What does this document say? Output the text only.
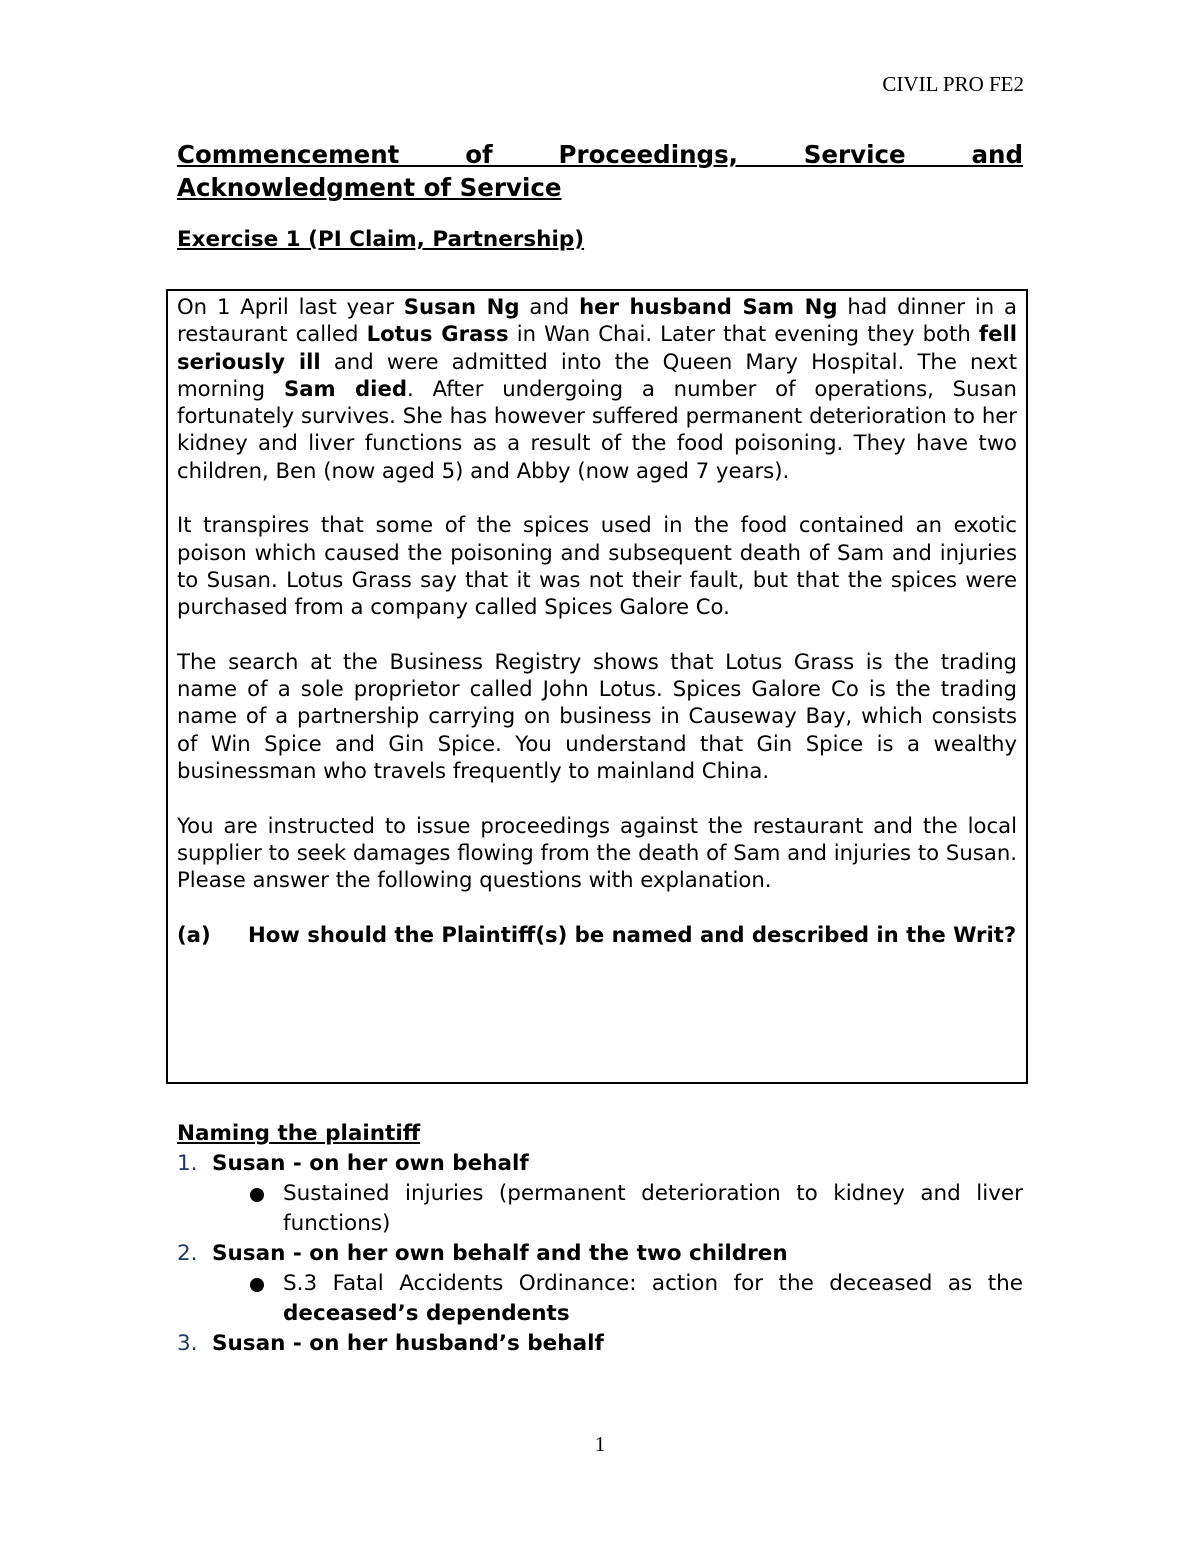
CIVIL PRO FE2
Commencement of Proceedings, Service and
Acknowledgment of Service
Exercise 1 (PI Claim, Partnership)

On 1 April last year Susan Ng and her husband Sam Ng had dinner in a restaurant called Lotus Grass in Wan Chai. Later that evening they both fell seriously ill and were admitted into the Queen Mary Hospital. The next morning Sam died. After undergoing a number of operations, Susan fortunately survives. She has however suffered permanent deterioration to her kidney and liver functions as a result of the food poisoning. They have two children, Ben (now aged 5) and Abby (now aged 7 years).

It transpires that some of the spices used in the food contained an exotic poison which caused the poisoning and subsequent death of Sam and injuries to Susan. Lotus Grass say that it was not their fault, but that the spices were purchased from a company called Spices Galore Co.

The search at the Business Registry shows that Lotus Grass is the trading name of a sole proprietor called John Lotus. Spices Galore Co is the trading name of a partnership carrying on business in Causeway Bay, which consists of Win Spice and Gin Spice. You understand that Gin Spice is a wealthy businessman who travels frequently to mainland China.

You are instructed to issue proceedings against the restaurant and the local supplier to seek damages flowing from the death of Sam and injuries to Susan. Please answer the following questions with explanation.

(a) How should the Plaintiff(s) be named and described in the Writ?

Naming the plaintiff

1. Susan - on her own behalf

Sustained injuries (permanent deterioration to kidney and liver functions)

2. Susan - on her own behalf and the two children

S.3 Fatal Accidents Ordinance: action for the deceased as the deceased’s dependents

3. Susan - on her husband’s behalf

1
